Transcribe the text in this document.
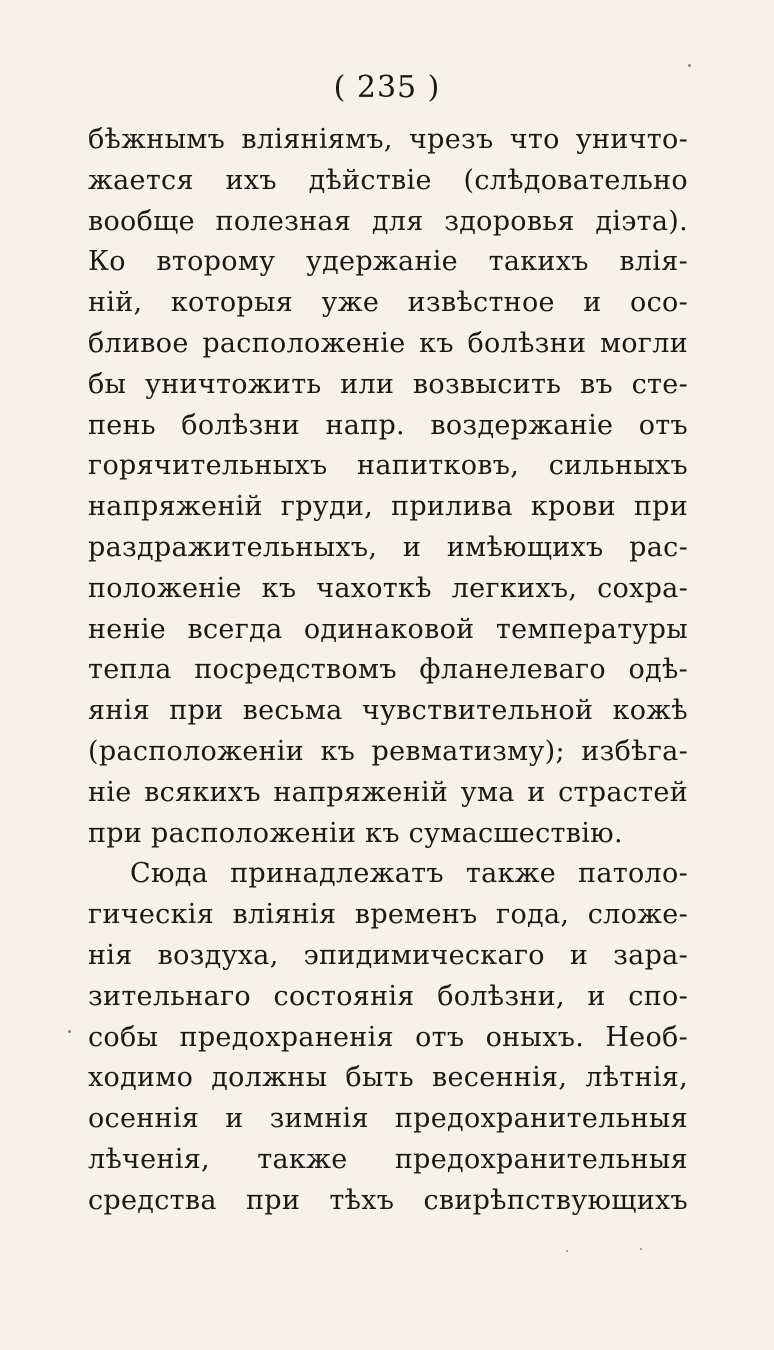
( 235 )
бѣжнымъ вліяніямъ, чрезъ что уничто-
жается ихъ дѣйствіе (слѣдовательно
вообще полезная для здоровья діэта).
Ко второму удержаніе такихъ влія-
ній, которыя уже извѣстное и осо-
бливое расположеніе къ болѣзни могли
бы уничтожить или возвысить въ сте-
пень болѣзни напр. воздержаніе отъ
горячительныхъ напитковъ, сильныхъ
напряженій груди, прилива крови при
раздражительныхъ, и имѣющихъ рас-
положеніе къ чахоткѣ легкихъ, сохра-
неніе всегда одинаковой температуры
тепла посредствомъ фланелеваго одѣ-
янія при весьма чувствительной кожѣ
(расположеніи къ ревматизму); избѣга-
ніе всякихъ напряженій ума и страстей
при расположеніи къ сумасшествію.
Сюда принадлежатъ также патоло-
гическія вліянія временъ года, сложе-
нія воздуха, эпидимическаго и зара-
зительнаго состоянія болѣзни, и спо-
собы предохраненія отъ оныхъ. Необ-
ходимо должны быть весеннія, лѣтнія,
осеннія и зимнія предохранительныя
лѣченія, также предохранительныя
средства при тѣхъ свирѣпствующихъ
